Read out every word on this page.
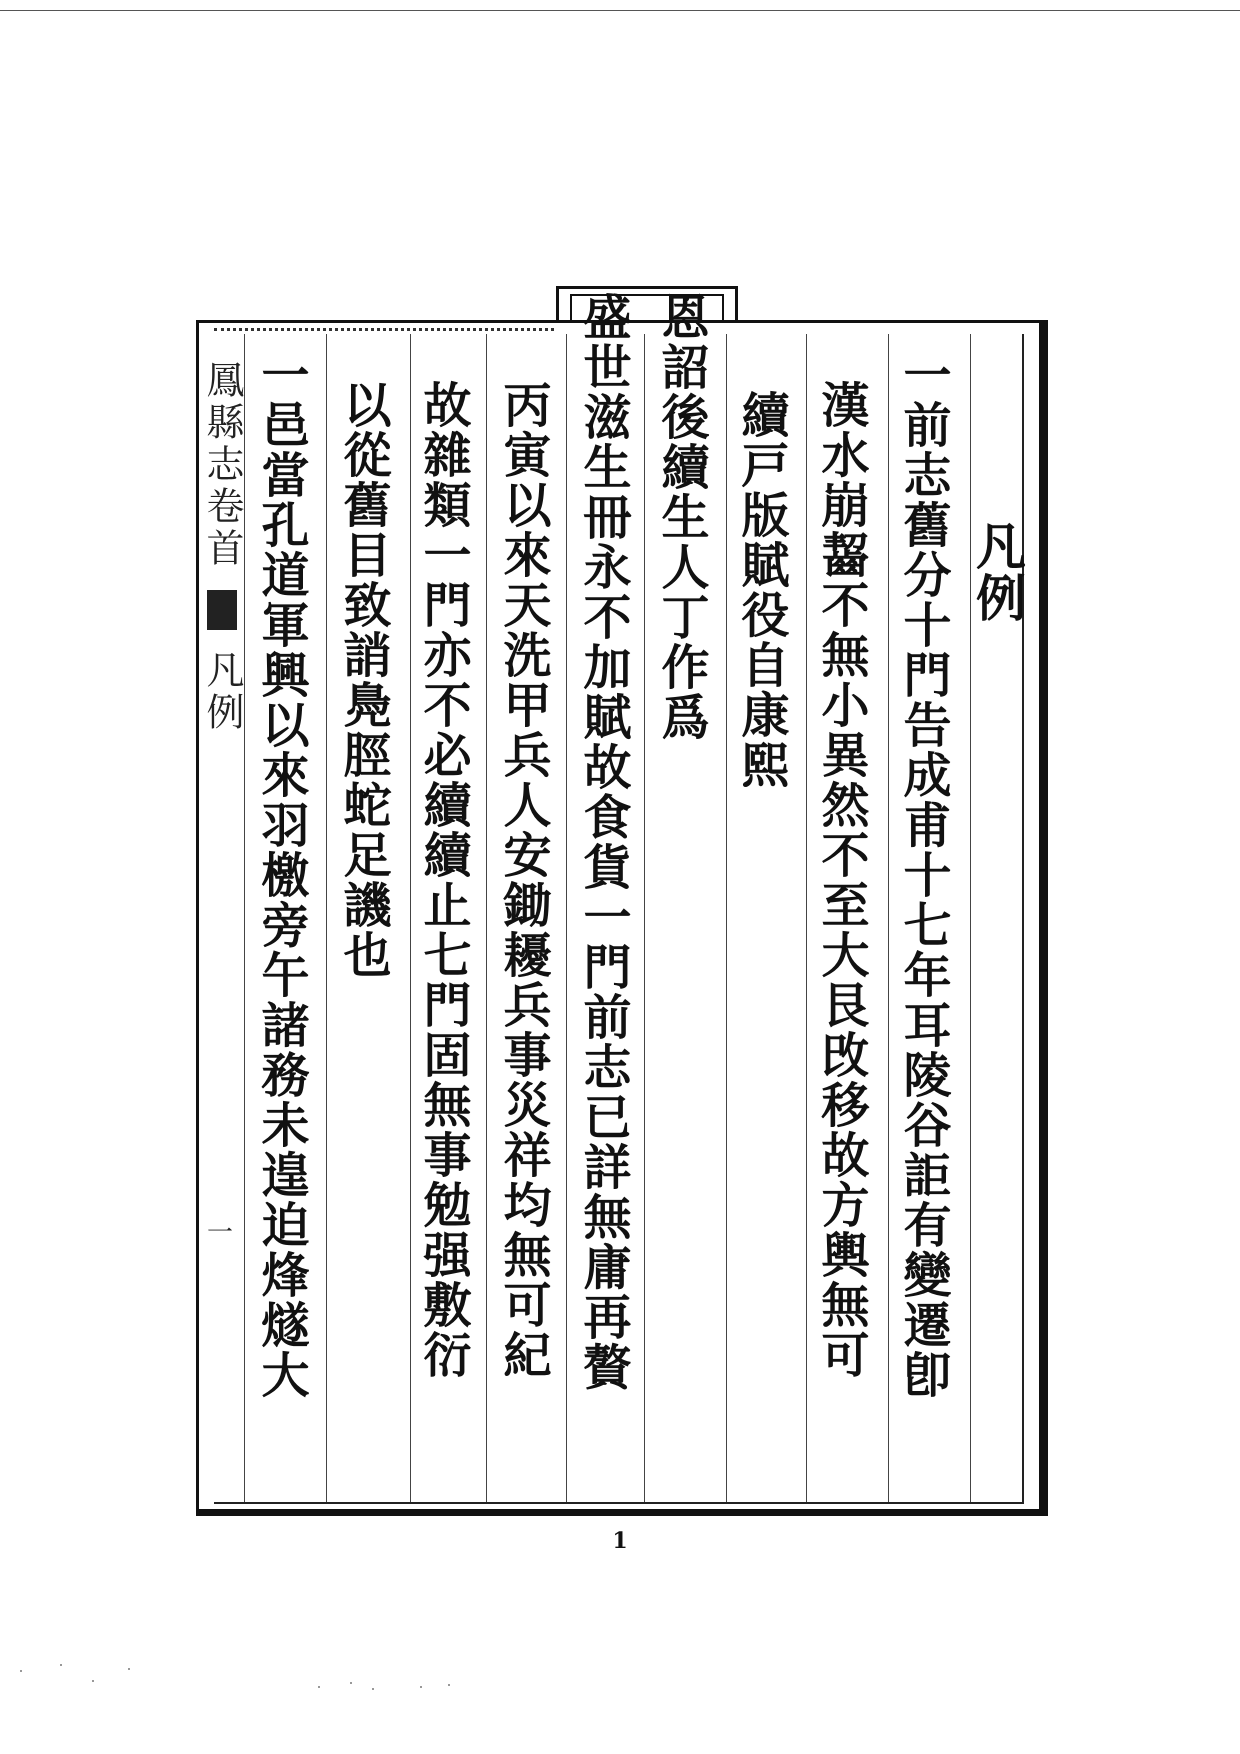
凡例
一前志舊分十門告成甫十七年耳陵谷詎有變遷卽
漢水崩齧不無小異然不至大艮攺移故方輿無可
續戸版賦役自康熙
恩詔後續生人丁作爲
盛世滋生冊永不加賦故食貨一門前志已詳無庸再贅
丙寅以來天洗甲兵人安鋤耰兵事災祥均無可紀
故雜類一門亦不必續續止七門固無事勉强敷衍
以從舊目致誚鳧脛蛇足譏也
一邑當孔道軍興以來羽檄旁午諸務未遑迫烽燧大
鳳縣志卷首  凡例
一
1
